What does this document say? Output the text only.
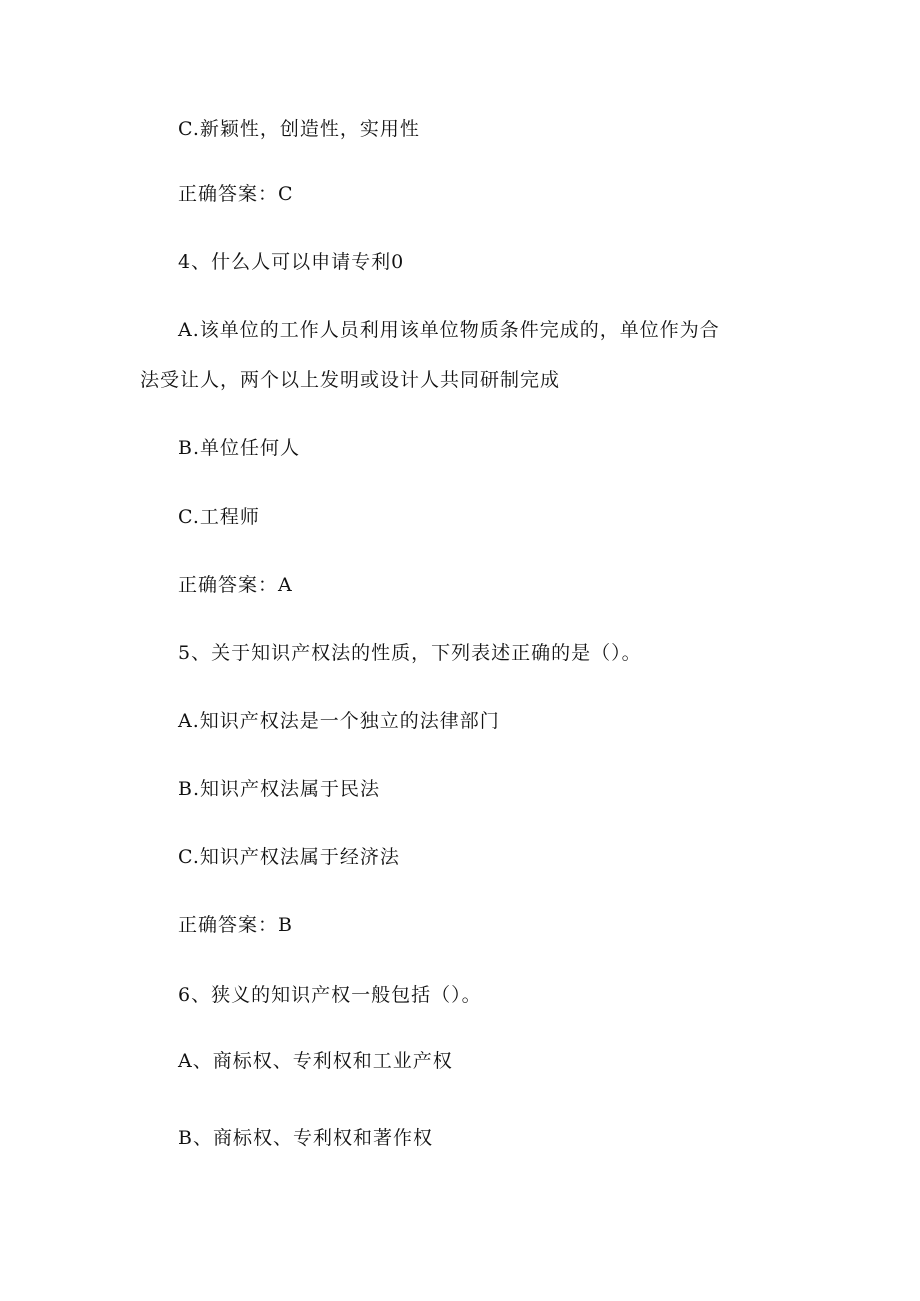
C.新颖性，创造性，实用性
正确答案：C
4、什么人可以申请专利0
A.该单位的工作人员利用该单位物质条件完成的，单位作为合
法受让人，两个以上发明或设计人共同研制完成
B.单位任何人
C.工程师
正确答案：A
5、关于知识产权法的性质，下列表述正确的是（）。
A.知识产权法是一个独立的法律部门
B.知识产权法属于民法
C.知识产权法属于经济法
正确答案：B
6、狭义的知识产权一般包括（）。
A、商标权、专利权和工业产权
B、商标权、专利权和著作权
